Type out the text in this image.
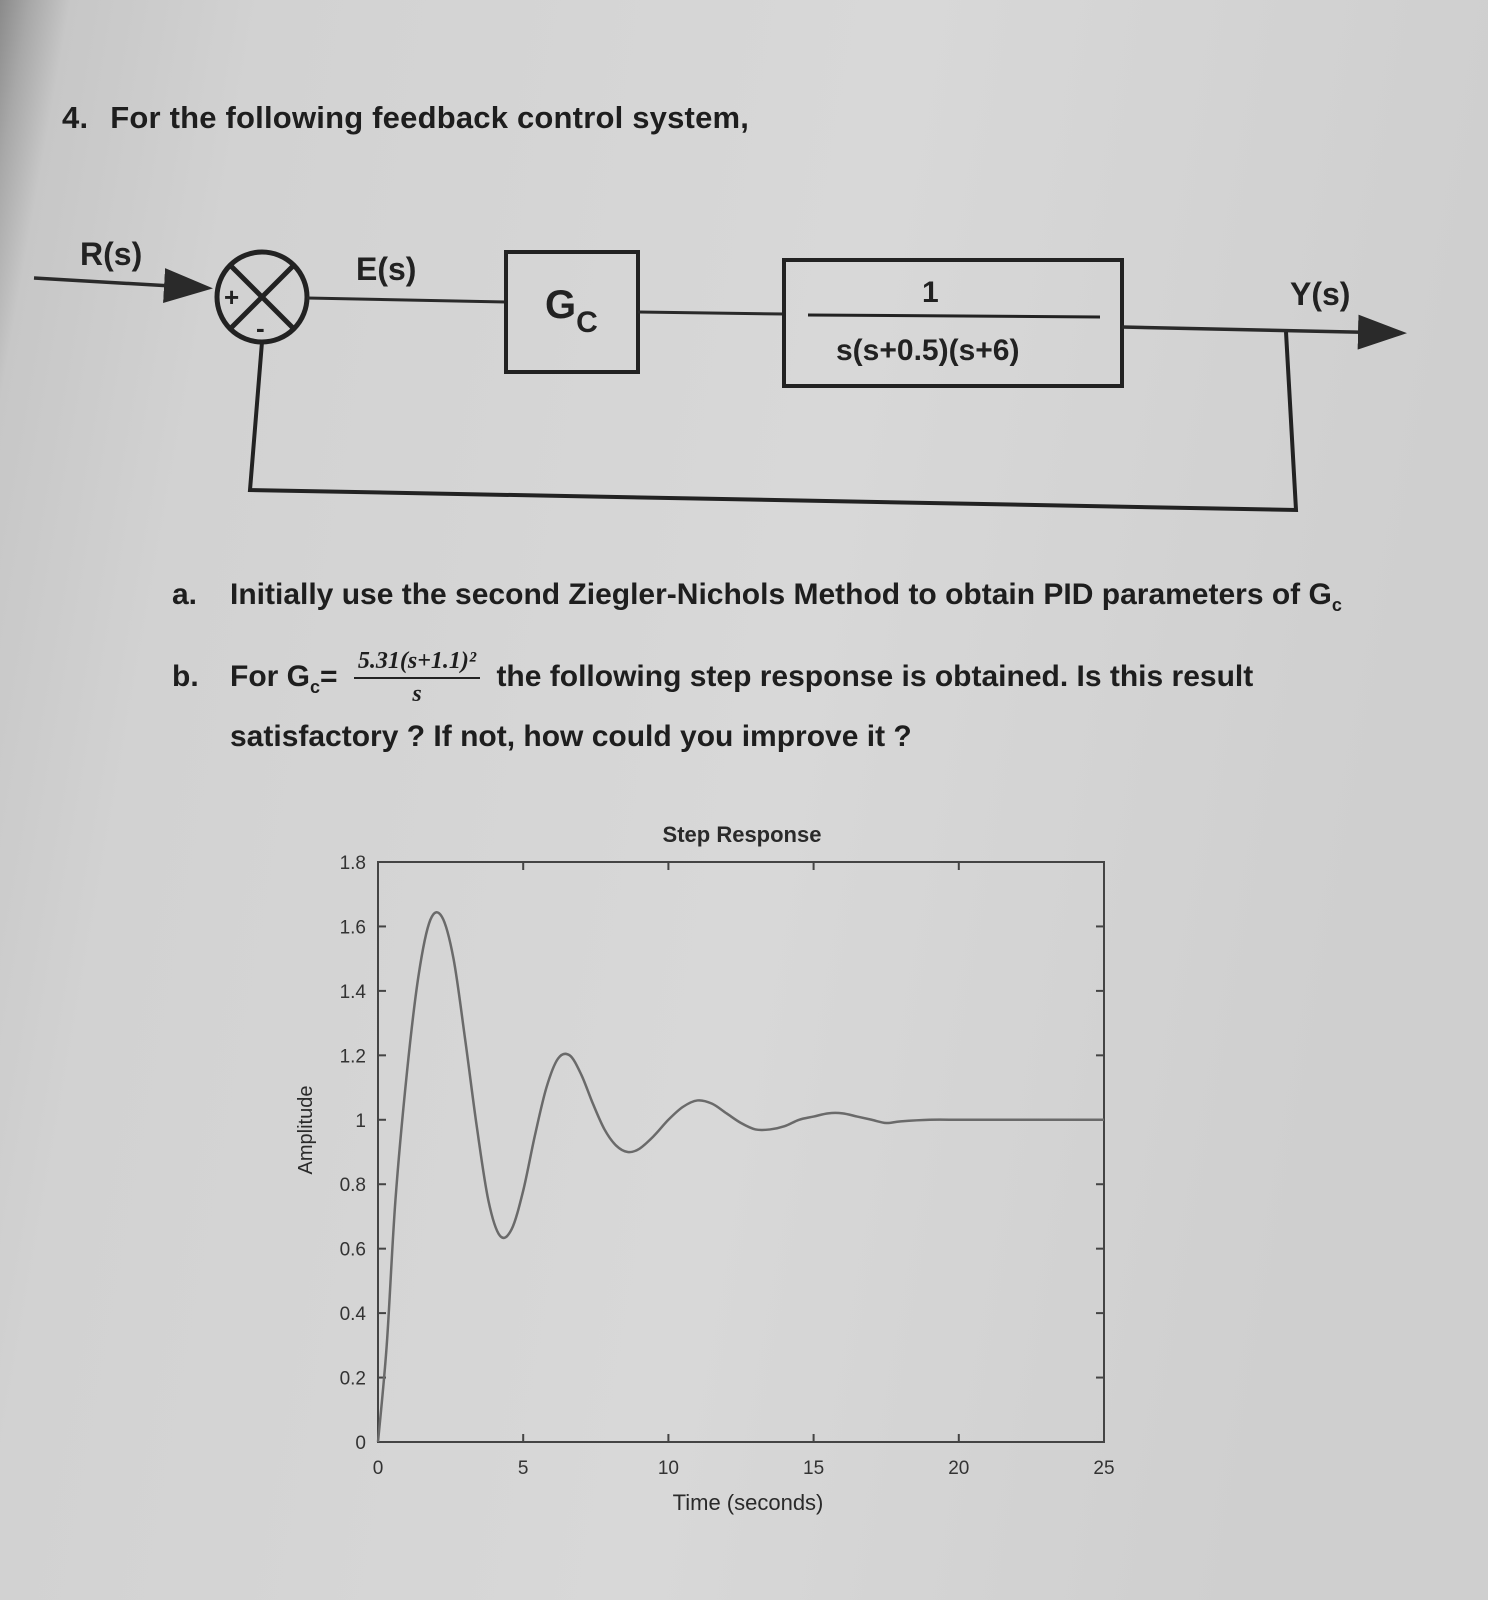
4. For the following feedback control system,
R(s)
+
-
E(s)
$G_C$
1
s(s+0.5)(s+6)
Y(s)
a. Initially use the second Ziegler-Nichols Method to obtain PID parameters of $G_c$
b. For $G_c= \frac{\text{5.31(s+1.1)²}}{s}$ the following step response is obtained. Is this result
satisfactory ? If not, how could you improve it ?
Step Response
Time (seconds)
Amplitude
0	5	10	15	20	25
0
0.2
0.4
0.6
0.8
1
1.2
1.4
1.6
1.8
